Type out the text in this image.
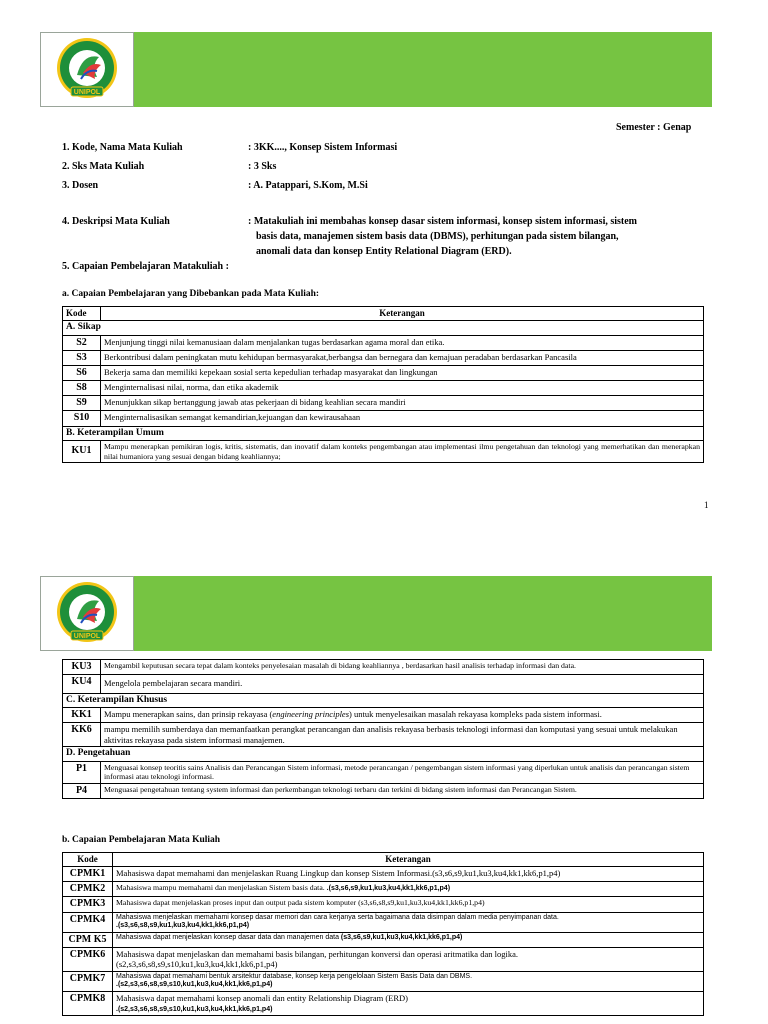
UNIPOL
Semester : Genap
1. Kode, Nama Mata Kuliah	: 3KK...., Konsep Sistem Informasi
2. Sks Mata Kuliah	: 3 Sks
3. Dosen	: A. Patappari, S.Kom, M.Si
4. Deskripsi Mata Kuliah	: Matakuliah ini membahas konsep dasar sistem informasi, konsep sistem informasi, sistem
basis data, manajemen sistem basis data (DBMS), perhitungan pada sistem bilangan,
anomali data dan konsep Entity Relational Diagram (ERD).
5. Capaian Pembelajaran Matakuliah :
a. Capaian Pembelajaran yang Dibebankan pada Mata Kuliah:
Kode	Keterangan
A. Sikap	
S2	Menjunjung tinggi nilai kemanusiaan dalam menjalankan tugas berdasarkan agama moral dan etika.
S3	Berkontribusi dalam peningkatan mutu kehidupan bermasyarakat,berbangsa dan bernegara dan kemajuan peradaban berdasarkan Pancasila
S6	Bekerja sama dan memiliki kepekaan sosial serta kepedulian terhadap masyarakat dan lingkungan
S8	Menginternalisasi nilai, norma, dan etika akademik
S9	Menunjukkan sikap bertanggung jawab atas pekerjaan di bidang keahlian secara mandiri
S10	Menginternalisasikan semangat kemandirian,kejuangan dan kewirausahaan
B. Keterampilan Umum	
KU1	Mampu menerapkan pemikiran logis, kritis, sistematis, dan inovatif dalam konteks pengembangan atau implementasi ilmu pengetahuan dan teknologi yang memerhatikan dan menerapkan nilai humaniora yang sesuai dengan bidang keahliannya;
1
UNIPOL
KU3	Mengambil keputusan secara tepat dalam konteks penyelesaian masalah di bidang keahliannya , berdasarkan hasil analisis terhadap informasi dan data.
KU4	Mengelola pembelajaran secara mandiri.
C. Keterampilan Khusus	
KK1	Mampu menerapkan sains, dan prinsip rekayasa (engineering principles) untuk menyelesaikan masalah rekayasa kompleks pada sistem informasi.
KK6	mampu memilih sumberdaya dan memanfaatkan perangkat perancangan dan analisis rekayasa berbasis teknologi informasi dan komputasi yang sesuai untuk melakukan aktivitas rekayasa pada sistem informasi manajemen.
D. Pengetahuan	
P1	Menguasai konsep teoritis sains Analisis dan Perancangan Sistem informasi, metode perancangan / pengembangan sistem informasi yang diperlukan untuk analisis dan perancangan sistem informasi atau teknologi informasi.
P4	Menguasai pengetahuan tentang system informasi dan perkembangan teknologi terbaru dan terkini di bidang sistem informasi dan Perancangan Sistem.
b. Capaian Pembelajaran Mata Kuliah
Kode	Keterangan
CPMK1	Mahasiswa dapat memahami dan menjelaskan Ruang Lingkup dan konsep Sistem Informasi.(s3,s6,s9,ku1,ku3,ku4,kk1,kk6,p1,p4)
CPMK2	Mahasiswa mampu memahami dan menjelaskan Sistem basis data. .(s3,s6,s9,ku1,ku3,ku4,kk1,kk6,p1,p4)
CPMK3	Mahasiswa dapat menjelaskan proses input dan output pada sistem komputer (s3,s6,s8,s9,ku1,ku3,ku4,kk1,kk6,p1,p4)
CPMK4	Mahasiswa menjelaskan memahami konsep dasar memori dan cara kerjanya serta bagaimana data disimpan dalam media penyimpanan data.
.(s3,s6,s8,s9,ku1,ku3,ku4,kk1,kk6,p1,p4)
CPM K5	Mahasiswa dapat menjelaskan konsep dasar data dan manajemen data (s3,s6,s9,ku1,ku3,ku4,kk1,kk6,p1,p4)
CPMK6	Mahasiswa dapat menjelaskan dan memahami basis bilangan, perhitungan konversi dan operasi aritmatika dan logika.
(s2,s3,s6,s8,s9,s10,ku1,ku3,ku4,kk1,kk6,p1,p4)
CPMK7	Mahasiswa dapat memahami bentuk arsitektur database, konsep kerja pengelolaan Sistem Basis Data dan DBMS.
.(s2,s3,s6,s8,s9,s10,ku1,ku3,ku4,kk1,kk6,p1,p4)
CPMK8	Mahasiswa dapat memahami konsep anomali dan entity Relationship Diagram (ERD)
.(s2,s3,s6,s8,s9,s10,ku1,ku3,ku4,kk1,kk6,p1,p4)
